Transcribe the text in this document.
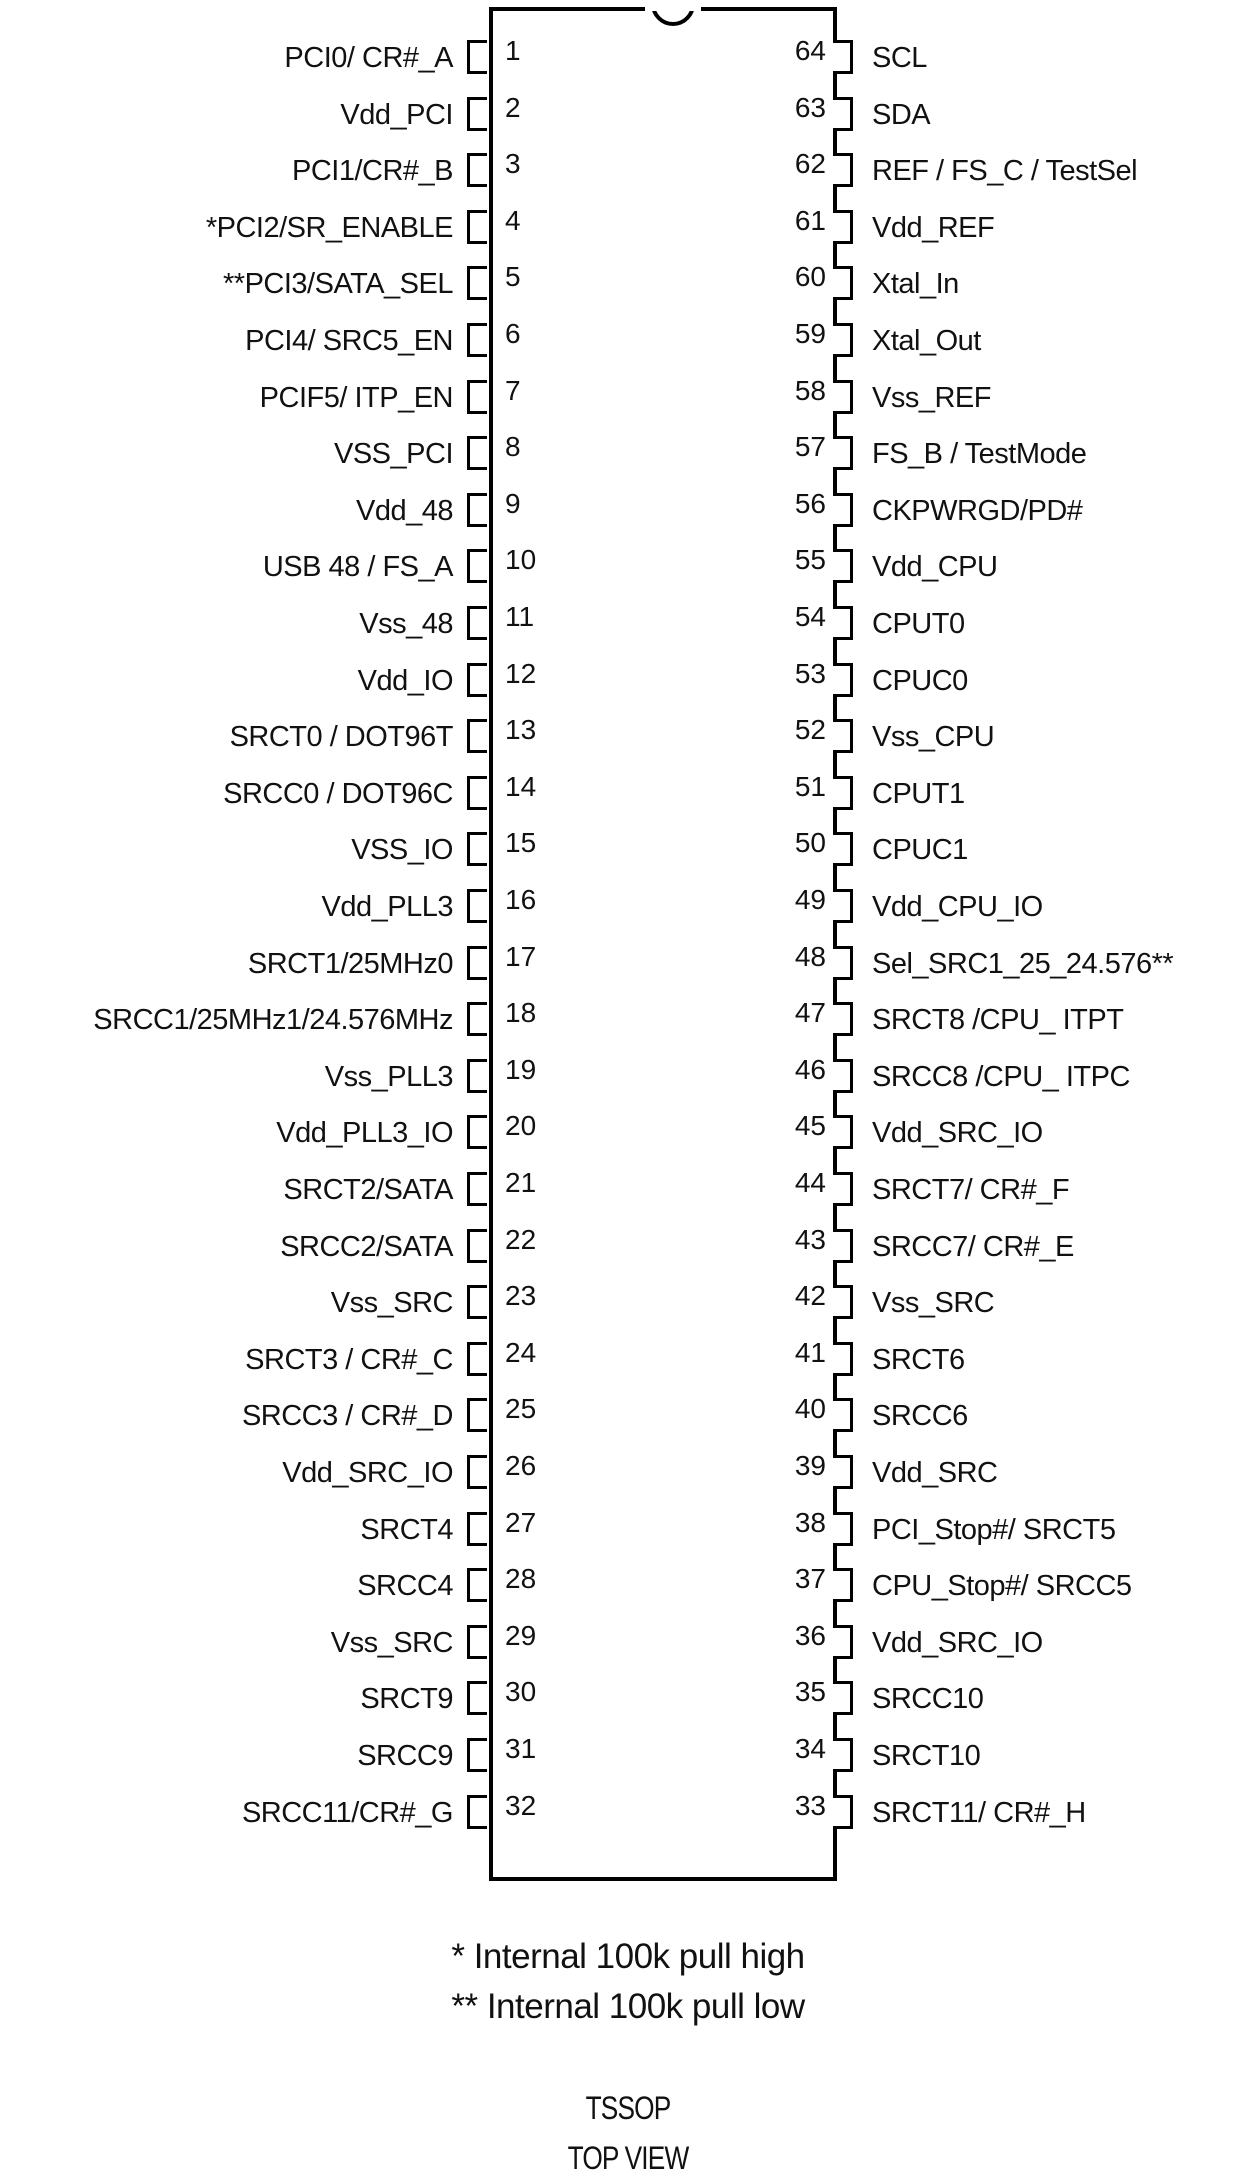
PCI0/ CR#_A 1
Vdd_PCI 2
PCI1/CR#_B 3
*PCI2/SR_ENABLE 4
**PCI3/SATA_SEL 5
PCI4/ SRC5_EN 6
PCIF5/ ITP_EN 7
VSS_PCI 8
Vdd_48 9
USB 48 / FS_A 10
Vss_48 11
Vdd_IO 12
SRCT0 / DOT96T 13
SRCC0 / DOT96C 14
VSS_IO 15
Vdd_PLL3 16
SRCT1/25MHz0 17
SRCC1/25MHz1/24.576MHz 18
Vss_PLL3 19
Vdd_PLL3_IO 20
SRCT2/SATA 21
SRCC2/SATA 22
Vss_SRC 23
SRCT3 / CR#_C 24
SRCC3 / CR#_D 25
Vdd_SRC_IO 26
SRCT4 27
SRCC4 28
Vss_SRC 29
SRCT9 30
SRCC9 31
SRCC11/CR#_G 32
64 SCL
63 SDA
62 REF / FS_C / TestSel
61 Vdd_REF
60 Xtal_In
59 Xtal_Out
58 Vss_REF
57 FS_B / TestMode
56 CKPWRGD/PD#
55 Vdd_CPU
54 CPUT0
53 CPUC0
52 Vss_CPU
51 CPUT1
50 CPUC1
49 Vdd_CPU_IO
48 Sel_SRC1_25_24.576**
47 SRCT8 /CPU_ ITPT
46 SRCC8 /CPU_ ITPC
45 Vdd_SRC_IO
44 SRCT7/ CR#_F
43 SRCC7/ CR#_E
42 Vss_SRC
41 SRCT6
40 SRCC6
39 Vdd_SRC
38 PCI_Stop#/ SRCT5
37 CPU_Stop#/ SRCC5
36 Vdd_SRC_IO
35 SRCC10
34 SRCT10
33 SRCT11/ CR#_H
* Internal 100k pull high
** Internal 100k pull low
TSSOP
TOP VIEW
